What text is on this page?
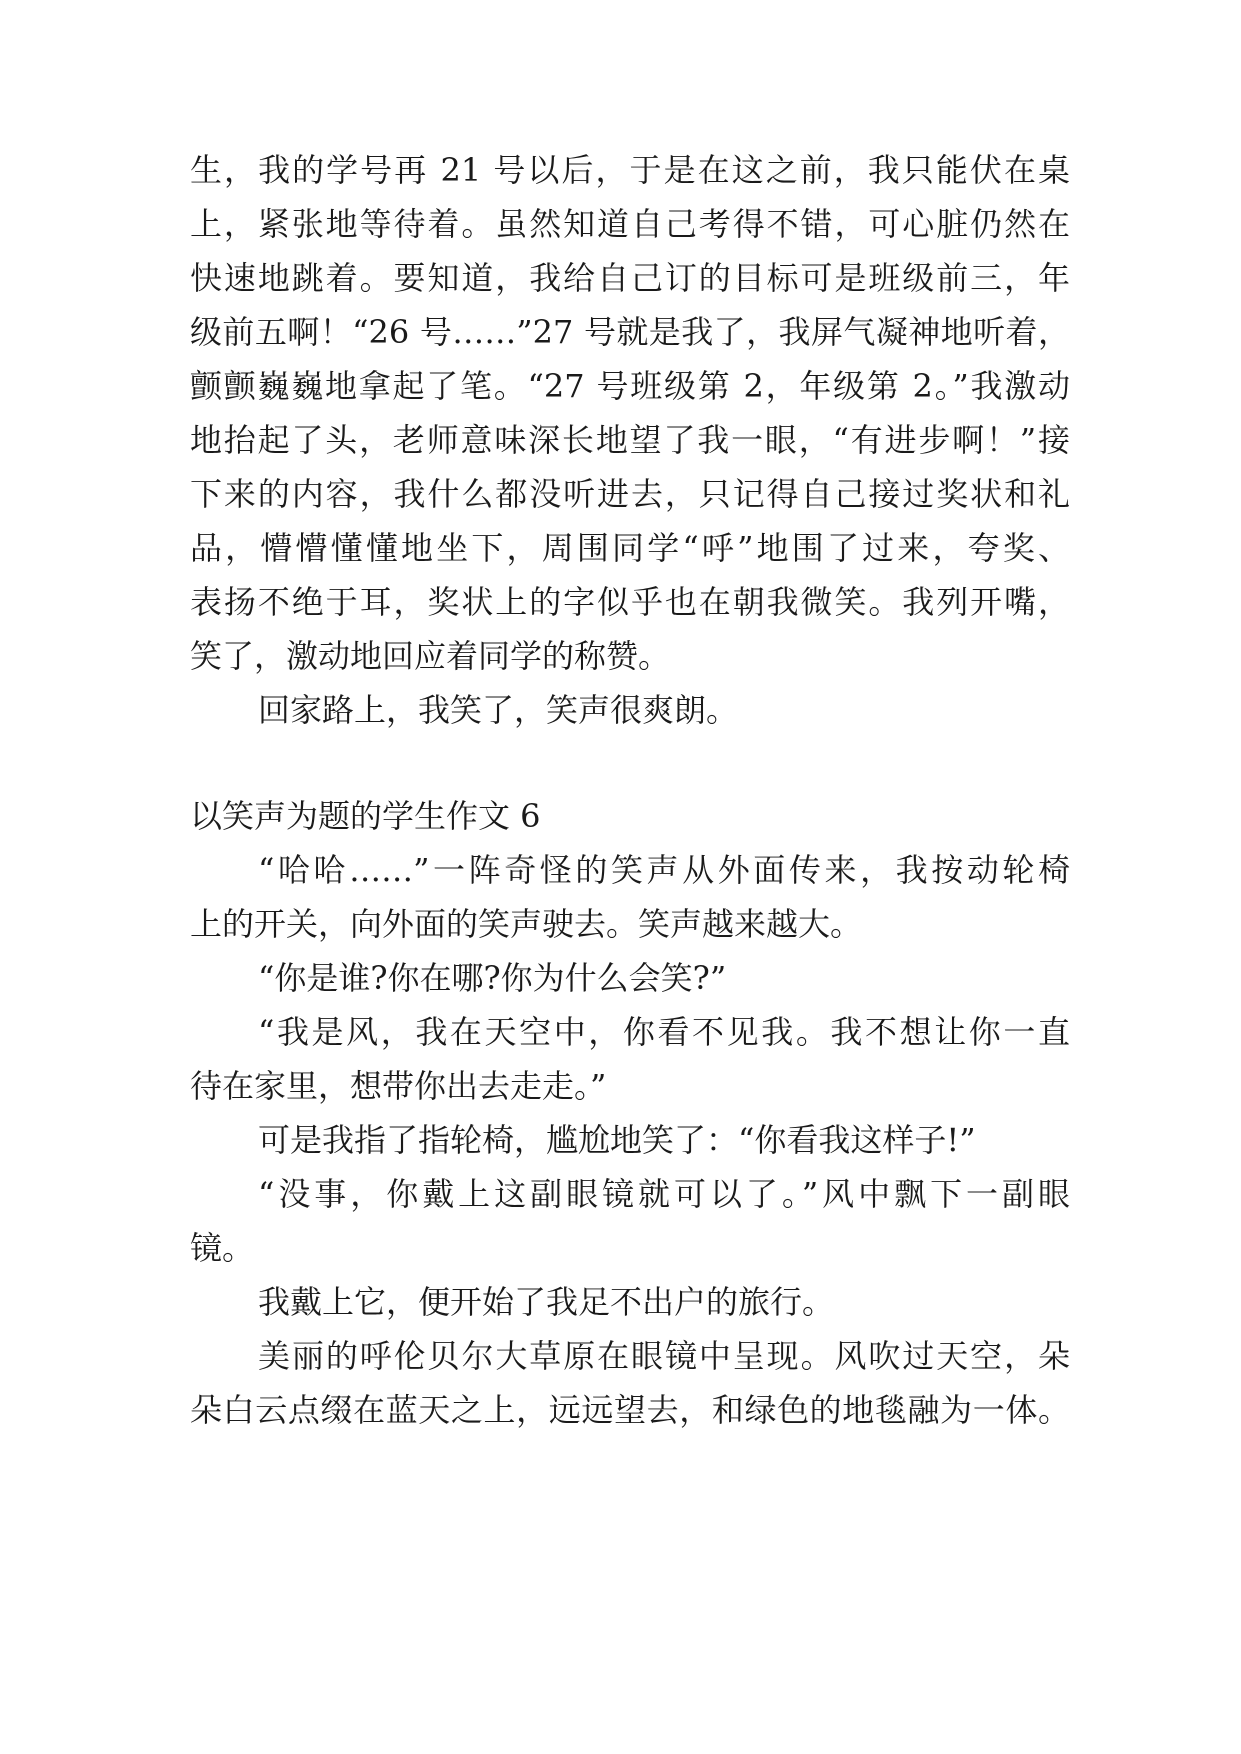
生，我的学号再 21 号以后，于是在这之前，我只能伏在桌
上，紧张地等待着。虽然知道自己考得不错，可心脏仍然在
快速地跳着。要知道，我给自己订的目标可是班级前三，年
级前五啊！“26 号……”27 号就是我了，我屏气凝神地听着，
颤颤巍巍地拿起了笔。“27 号班级第 2，年级第 2。”我激动
地抬起了头，老师意味深长地望了我一眼，“有进步啊！”接
下来的内容，我什么都没听进去，只记得自己接过奖状和礼
品，懵懵懂懂地坐下，周围同学“呼”地围了过来，夸奖、
表扬不绝于耳，奖状上的字似乎也在朝我微笑。我列开嘴，
笑了，激动地回应着同学的称赞。
回家路上，我笑了，笑声很爽朗。
以笑声为题的学生作文 6
“哈哈……”一阵奇怪的笑声从外面传来，我按动轮椅
上的开关，向外面的笑声驶去。笑声越来越大。
“你是谁?你在哪?你为什么会笑?”
“我是风，我在天空中，你看不见我。我不想让你一直
待在家里，想带你出去走走。”
可是我指了指轮椅，尴尬地笑了：“你看我这样子!”
“没事，你戴上这副眼镜就可以了。”风中飘下一副眼
镜。
我戴上它，便开始了我足不出户的旅行。
美丽的呼伦贝尔大草原在眼镜中呈现。风吹过天空，朵
朵白云点缀在蓝天之上，远远望去，和绿色的地毯融为一体。
